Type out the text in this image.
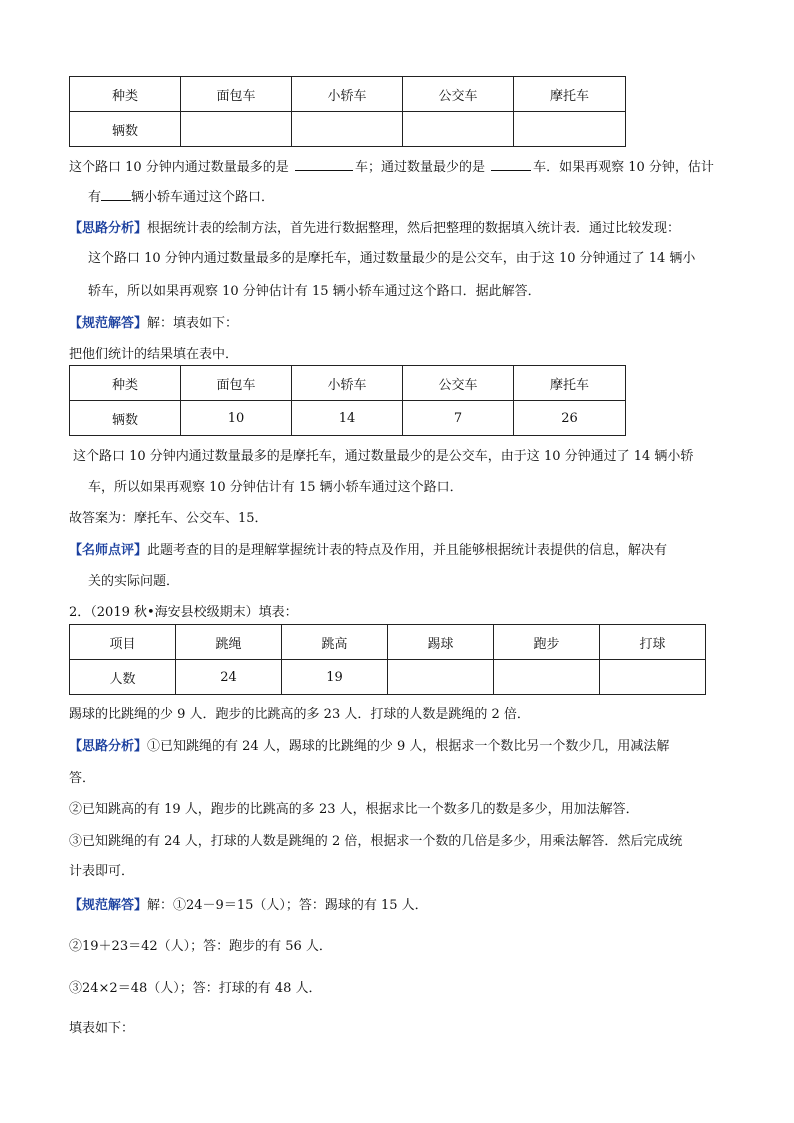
种类	面包车	小轿车	公交车	摩托车
辆数				
这个路口 10 分钟内通过数量最多的是	车；通过数量最少的是	车．如果再观察 10 分钟，估计
有 辆小轿车通过这个路口．
【思路分析】根据统计表的绘制方法，首先进行数据整理，然后把整理的数据填入统计表．通过比较发现：
这个路口 10 分钟内通过数量最多的是摩托车，通过数量最少的是公交车，由于这 10 分钟通过了 14 辆小
轿车，所以如果再观察 10 分钟估计有 15 辆小轿车通过这个路口．据此解答．
【规范解答】解：填表如下：
把他们统计的结果填在表中．
种类	面包车	小轿车	公交车	摩托车
辆数	10	14	7	26
这个路口 10 分钟内通过数量最多的是摩托车，通过数量最少的是公交车，由于这 10 分钟通过了 14 辆小轿
车，所以如果再观察 10 分钟估计有 15 辆小轿车通过这个路口．
故答案为：摩托车、公交车、15．
【名师点评】此题考查的目的是理解掌握统计表的特点及作用，并且能够根据统计表提供的信息，解决有
关的实际问题．
2．（2019 秋•海安县校级期末）填表：
项目	跳绳	跳高	踢球	跑步	打球
人数	24	19			
踢球的比跳绳的少 9 人．跑步的比跳高的多 23 人．打球的人数是跳绳的 2 倍．
【思路分析】①已知跳绳的有 24 人，踢球的比跳绳的少 9 人，根据求一个数比另一个数少几，用减法解
答．
②已知跳高的有 19 人，跑步的比跳高的多 23 人，根据求比一个数多几的数是多少，用加法解答．
③已知跳绳的有 24 人，打球的人数是跳绳的 2 倍，根据求一个数的几倍是多少，用乘法解答．然后完成统
计表即可．
【规范解答】解：①24－9＝15（人）；答：踢球的有 15 人．
②19＋23＝42（人）；答：跑步的有 56 人．
③24×2＝48（人）；答：打球的有 48 人．
填表如下：
